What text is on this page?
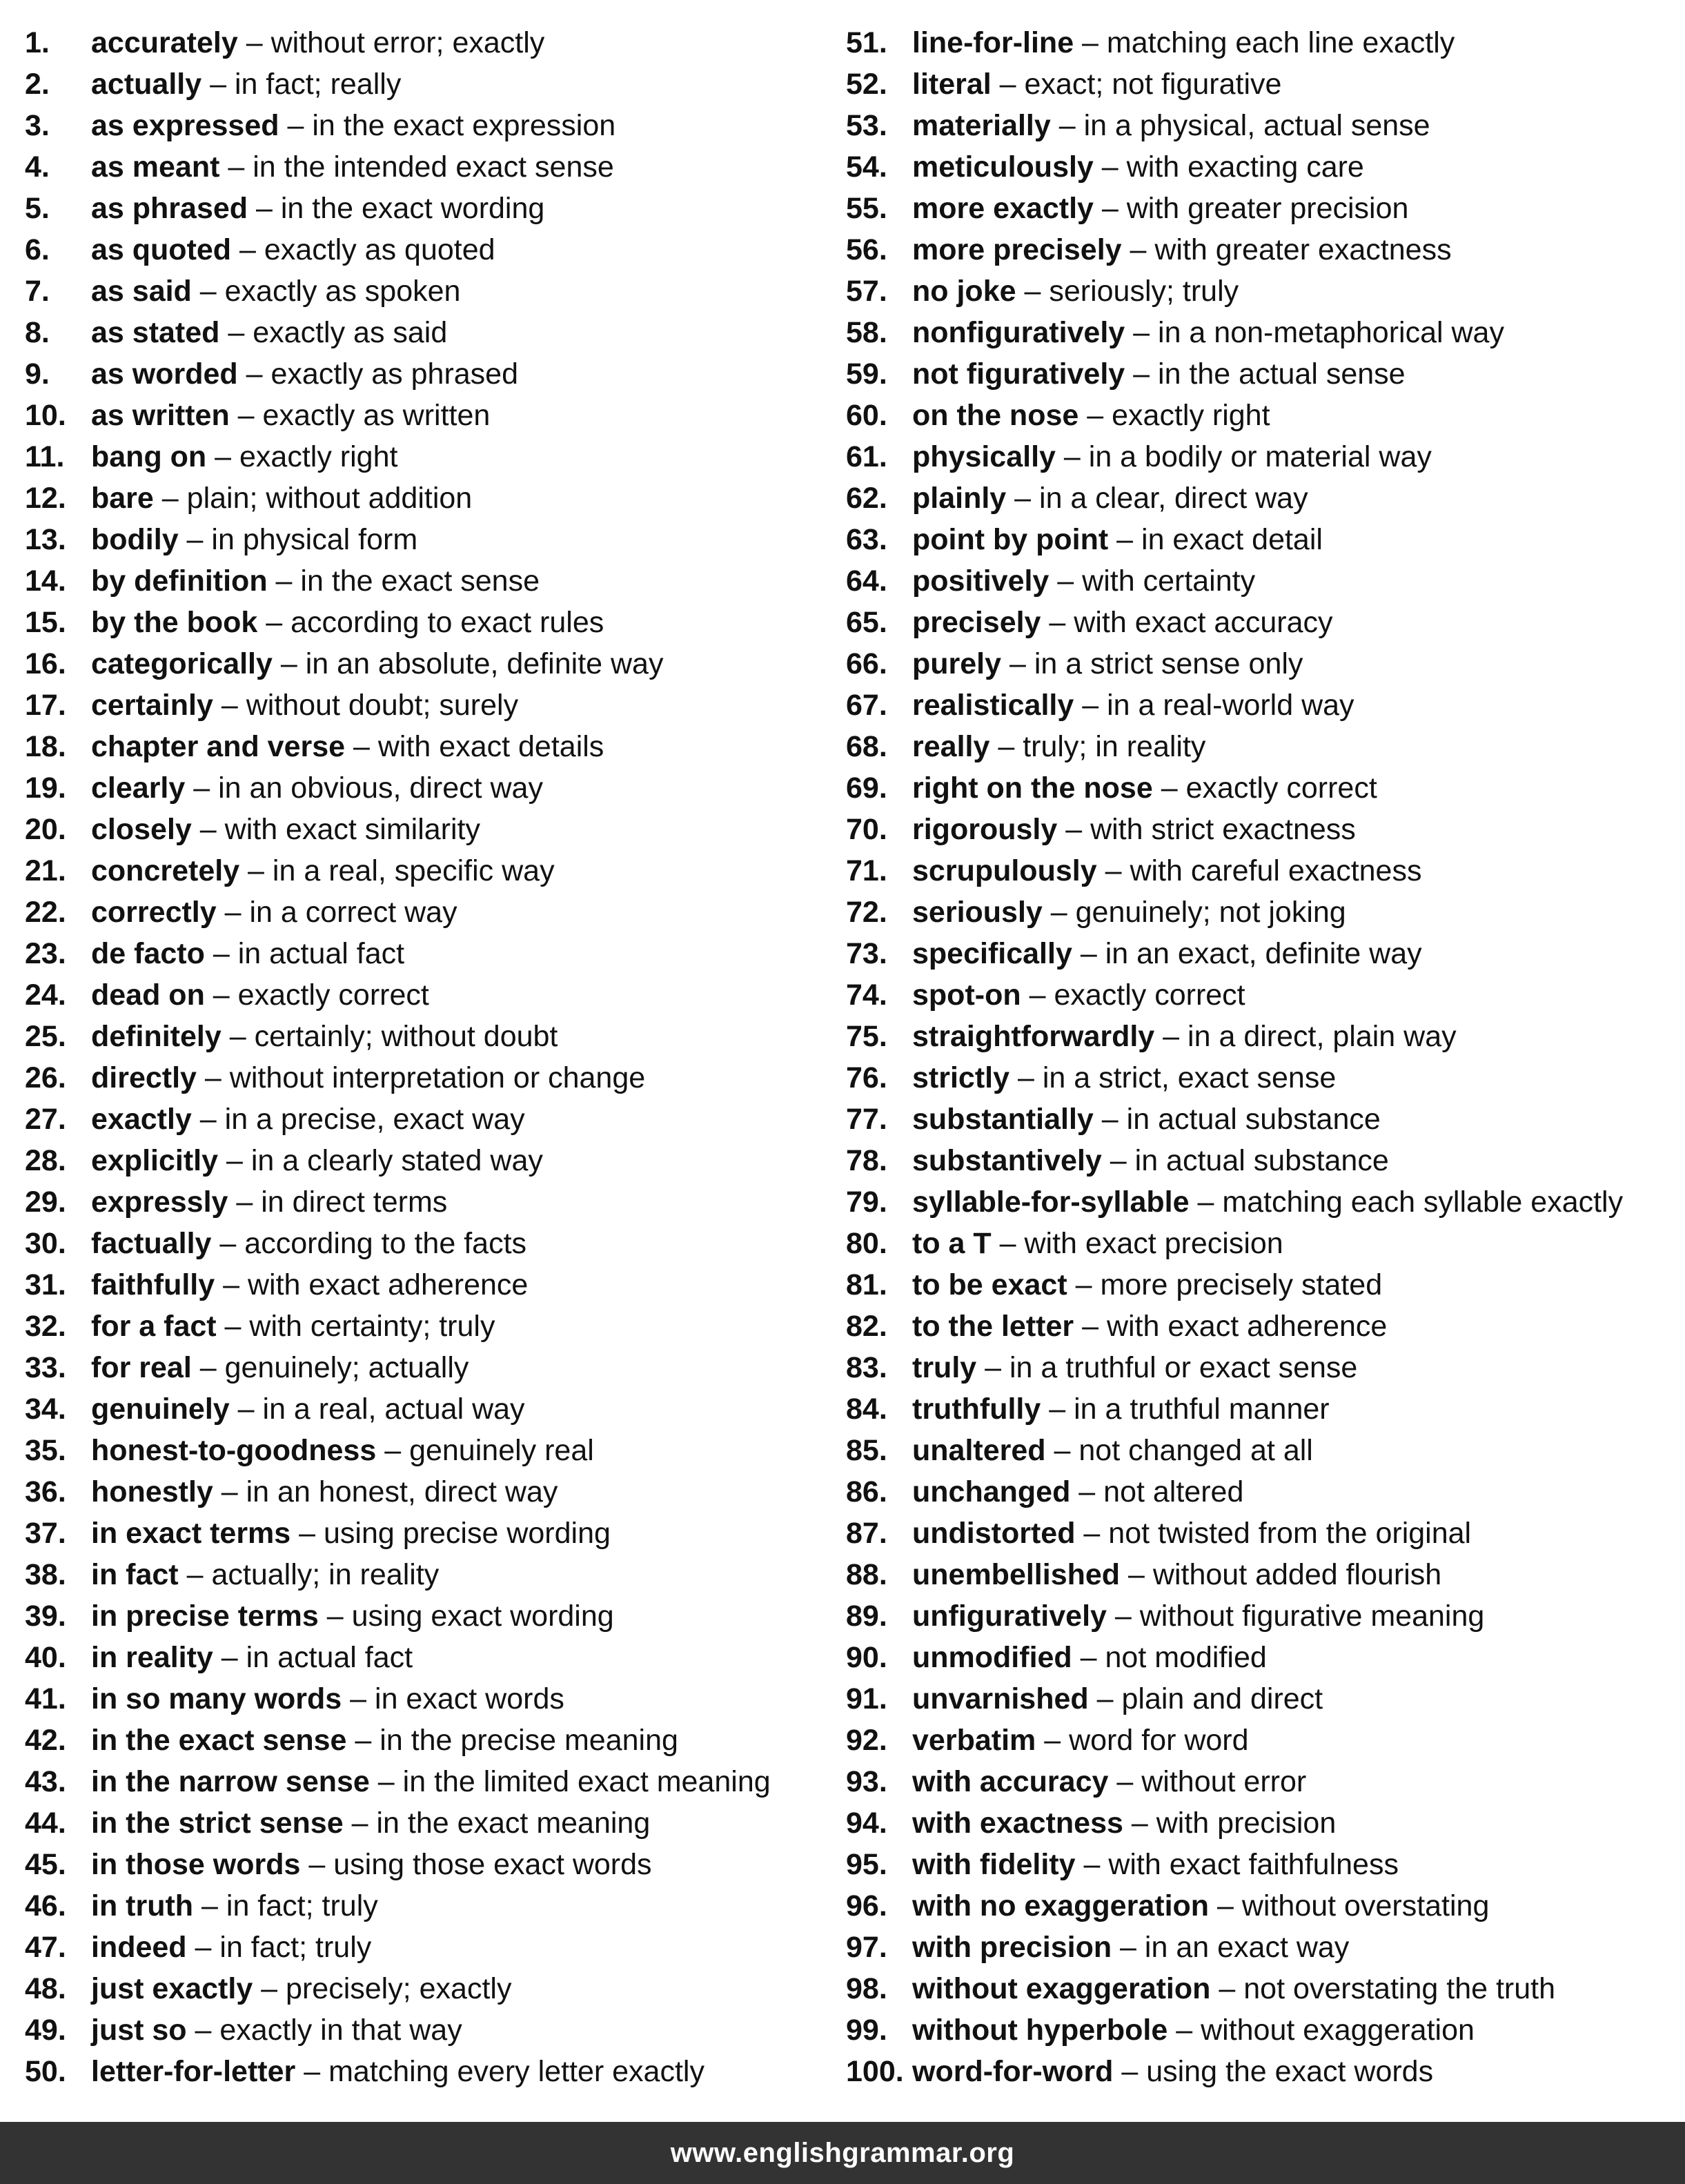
1.	accurately – without error; exactly
2.	actually – in fact; really
3.	as expressed – in the exact expression
4.	as meant – in the intended exact sense
5.	as phrased – in the exact wording
6.	as quoted – exactly as quoted
7.	as said – exactly as spoken
8.	as stated – exactly as said
9.	as worded – exactly as phrased
10. as written – exactly as written
11. bang on – exactly right
12. bare – plain; without addition
13. bodily – in physical form
14. by definition – in the exact sense
15. by the book – according to exact rules
16. categorically – in an absolute, definite way
17. certainly – without doubt; surely
18. chapter and verse – with exact details
19. clearly – in an obvious, direct way
20. closely – with exact similarity
21. concretely – in a real, specific way
22. correctly – in a correct way
23. de facto – in actual fact
24. dead on – exactly correct
25. definitely – certainly; without doubt
26. directly – without interpretation or change
27. exactly – in a precise, exact way
28. explicitly – in a clearly stated way
29. expressly – in direct terms
30. factually – according to the facts
31. faithfully – with exact adherence
32. for a fact – with certainty; truly
33. for real – genuinely; actually
34. genuinely – in a real, actual way
35. honest-to-goodness – genuinely real
36. honestly – in an honest, direct way
37. in exact terms – using precise wording
38. in fact – actually; in reality
39. in precise terms – using exact wording
40. in reality – in actual fact
41. in so many words – in exact words
42. in the exact sense – in the precise meaning
43. in the narrow sense – in the limited exact meaning
44. in the strict sense – in the exact meaning
45. in those words – using those exact words
46. in truth – in fact; truly
47. indeed – in fact; truly
48. just exactly – precisely; exactly
49. just so – exactly in that way
50. letter-for-letter – matching every letter exactly
51. line-for-line – matching each line exactly
52. literal – exact; not figurative
53. materially – in a physical, actual sense
54. meticulously – with exacting care
55. more exactly – with greater precision
56. more precisely – with greater exactness
57. no joke – seriously; truly
58. nonfiguratively – in a non-metaphorical way
59. not figuratively – in the actual sense
60. on the nose – exactly right
61. physically – in a bodily or material way
62. plainly – in a clear, direct way
63. point by point – in exact detail
64. positively – with certainty
65. precisely – with exact accuracy
66. purely – in a strict sense only
67. realistically – in a real-world way
68. really – truly; in reality
69. right on the nose – exactly correct
70. rigorously – with strict exactness
71. scrupulously – with careful exactness
72. seriously – genuinely; not joking
73. specifically – in an exact, definite way
74. spot-on – exactly correct
75. straightforwardly – in a direct, plain way
76. strictly – in a strict, exact sense
77. substantially – in actual substance
78. substantively – in actual substance
79. syllable-for-syllable – matching each syllable exactly
80. to a T – with exact precision
81. to be exact – more precisely stated
82. to the letter – with exact adherence
83. truly – in a truthful or exact sense
84. truthfully – in a truthful manner
85. unaltered – not changed at all
86. unchanged – not altered
87. undistorted – not twisted from the original
88. unembellished – without added flourish
89. unfiguratively – without figurative meaning
90. unmodified – not modified
91. unvarnished – plain and direct
92. verbatim – word for word
93. with accuracy – without error
94. with exactness – with precision
95. with fidelity – with exact faithfulness
96. with no exaggeration – without overstating
97. with precision – in an exact way
98. without exaggeration – not overstating the truth
99. without hyperbole – without exaggeration
100. word-for-word – using the exact words
www.englishgrammar.org
